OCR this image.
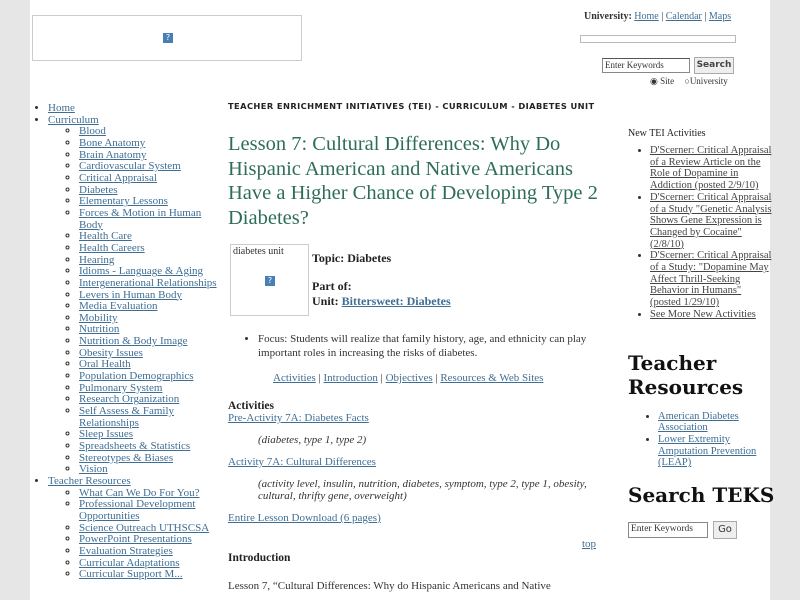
?
University: Home | Calendar | Maps
Enter Keywords	Search
◉ Site ○University
• Home
• Curriculum
◦ Blood
◦ Bone Anatomy
◦ Brain Anatomy
◦ Cardiovascular System
◦ Critical Appraisal
◦ Diabetes
◦ Elementary Lessons
◦ Forces & Motion in Human Body
◦ Health Care
◦ Health Careers
◦ Hearing
◦ Idioms - Language & Aging
◦ Intergenerational Relationships
◦ Levers in Human Body
◦ Media Evaluation
◦ Mobility
◦ Nutrition
◦ Nutrition & Body Image
◦ Obesity Issues
◦ Oral Health
◦ Population Demographics
◦ Pulmonary System
◦ Research Organization
◦ Self Assess & Family Relationships
◦ Sleep Issues
◦ Spreadsheets & Statistics
◦ Stereotypes & Biases
◦ Vision
• Teacher Resources
◦ What Can We Do For You?
◦ Professional Development Opportunities
◦ Science Outreach UTHSCSA
◦ PowerPoint Presentations
◦ Evaluation Strategies
◦ Curricular Adaptations
◦ Curricular Support M...
TEACHER ENRICHMENT INITIATIVES (TEI) - CURRICULUM - DIABETES UNIT
Lesson 7: Cultural Differences: Why Do Hispanic American and Native Americans Have a Higher Chance of Developing Type 2 Diabetes?
diabetes unit
?
Topic: Diabetes
Part of:
Unit: Bittersweet: Diabetes
• Focus: Students will realize that family history, age, and ethnicity can play important roles in increasing the risks of diabetes.
Activities | Introduction | Objectives | Resources & Web Sites
Activities
Pre-Activity 7A: Diabetes Facts
(diabetes, type 1, type 2)
Activity 7A: Cultural Differences
(activity level, insulin, nutrition, diabetes, symptom, type 2, type 1, obesity, cultural, thrifty gene, overweight)
Entire Lesson Download (6 pages)
top
Introduction
Lesson 7, “Cultural Differences: Why do Hispanic Americans and Native
New TEI Activities
• D'Scerner: Critical Appraisal of a Review Article on the Role of Dopamine in Addiction (posted 2/9/10)
• D'Scerner: Critical Appraisal of a Study "Genetic Analysis Shows Gene Expression is Changed by Cocaine" (2/8/10)
• D'Scerner: Critical Appraisal of a Study: "Dopamine May Affect Thrill-Seeking Behavior in Humans" (posted 1/29/10)
• See More New Activities
Teacher Resources
• American Diabetes Association
• Lower Extremity Amputation Prevention (LEAP)
Search TEKS
Enter Keywords	Go
